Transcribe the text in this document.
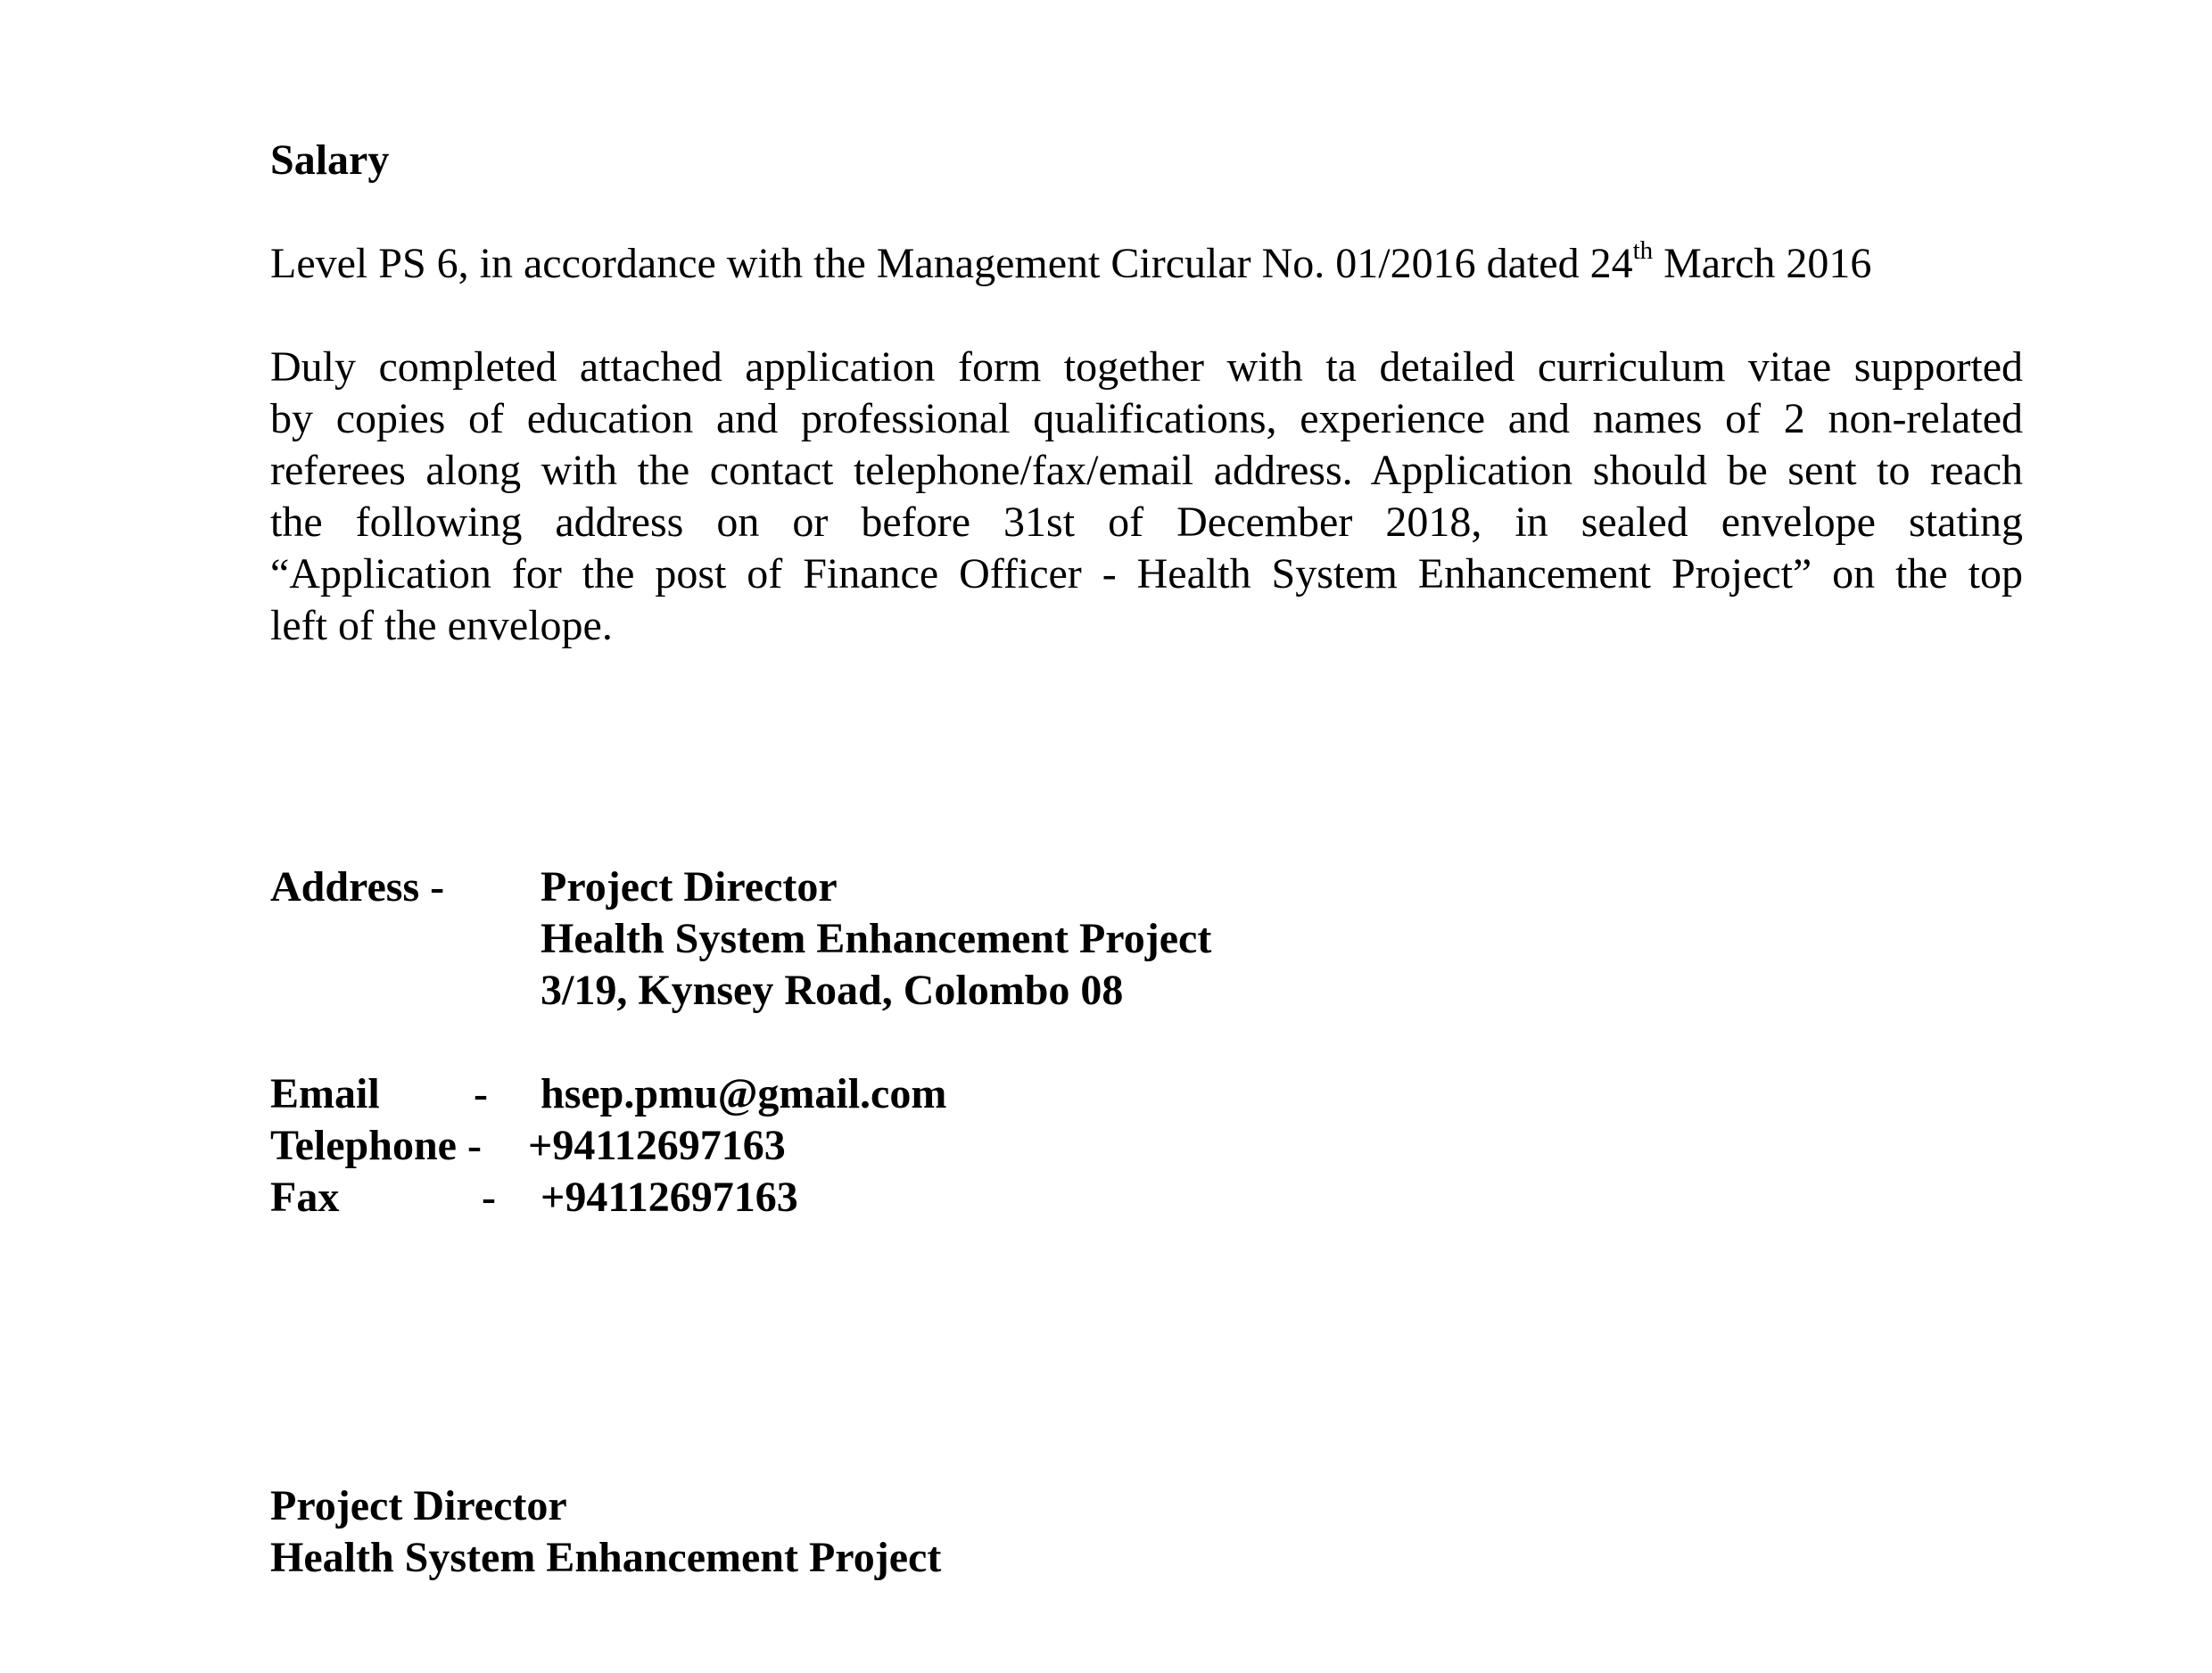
Salary
Level PS 6, in accordance with the Management Circular No. 01/2016 dated 24th March 2016
Duly completed attached application form together with ta detailed curriculum vitae supported
by copies of education and professional qualifications, experience and names of 2 non-related
referees along with the contact telephone/fax/email address. Application should be sent to reach
the following address on or before 31st of December 2018, in sealed envelope stating
“Application for the post of Finance Officer - Health System Enhancement Project” on the top
left of the envelope.
Address - Project Director
Health System Enhancement Project
3/19, Kynsey Road, Colombo 08
Email - hsep.pmu@gmail.com
Telephone - +94112697163
Fax	- +94112697163
Project Director
Health System Enhancement Project
